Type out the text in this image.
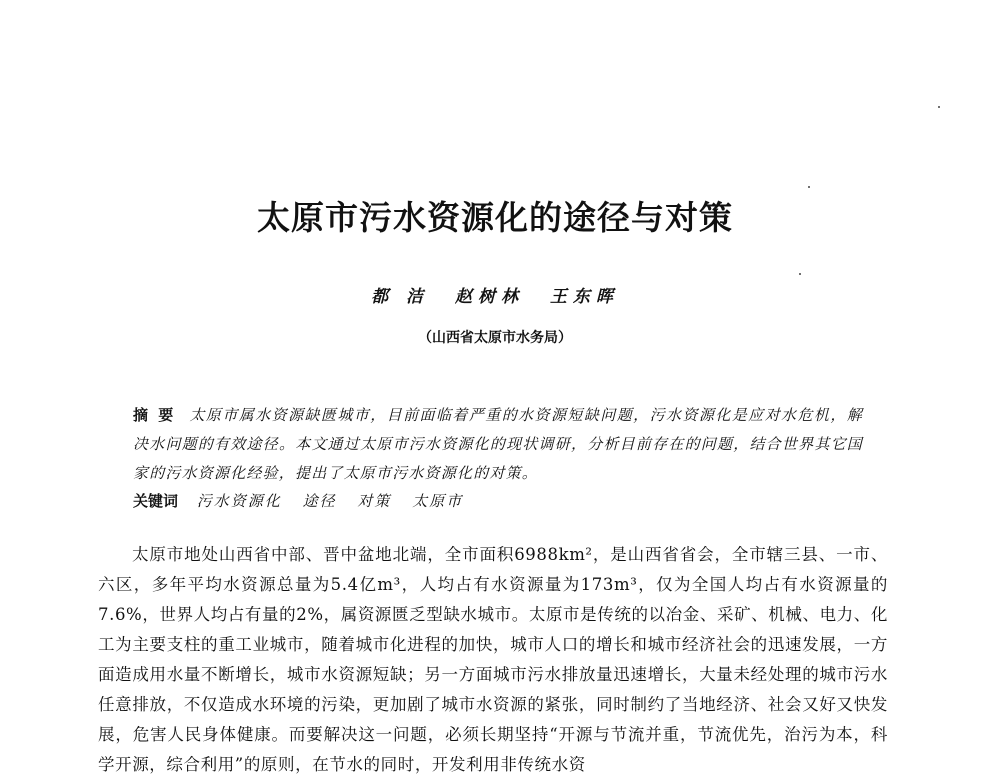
太原市污水资源化的途径与对策
都 洁 赵树林 王东晖
（山西省太原市水务局）
摘要 太原市属水资源缺匮城市，目前面临着严重的水资源短缺问题，污水资源化是应对水危机，解决水问题的有效途径。本文通过太原市污水资源化的现状调研，分析目前存在的问题，结合世界其它国家的污水资源化经验，提出了太原市污水资源化的对策。
关键词 污水资源化 途径 对策 太原市

太原市地处山西省中部、晋中盆地北端，全市面积6988km²，是山西省省会，全市辖三县、一市、六区，多年平均水资源总量为5.4亿m³，人均占有水资源量为173m³，仅为全国人均占有水资源量的7.6%，世界人均占有量的2%，属资源匮乏型缺水城市。太原市是传统的以冶金、采矿、机械、电力、化工为主要支柱的重工业城市，随着城市化进程的加快，城市人口的增长和城市经济社会的迅速发展，一方面造成用水量不断增长，城市水资源短缺；另一方面城市污水排放量迅速增长，大量未经处理的城市污水任意排放，不仅造成水环境的污染，更加剧了城市水资源的紧张，同时制约了当地经济、社会又好又快发展，危害人民身体健康。而要解决这一问题，必须长期坚持“开源与节流并重，节流优先，治污为本，科学开源，综合利用”的原则，在节水的同时，开发利用非传统水资
